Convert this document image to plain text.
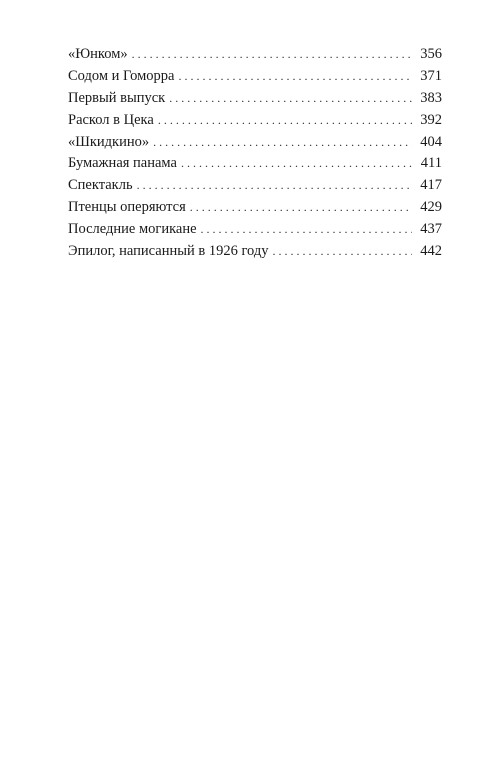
«Юнком» . . .	356
Содом и Гоморра . . .	371
Первый выпуск . . .	383
Раскол в Цека . . .	392
«Шкидкино» . . .	404
Бумажная панама . . .	411
Спектакль . . .	417
Птенцы оперяются . . .	429
Последние могикане . . .	437
Эпилог, написанный в 1926 году . . .	442
